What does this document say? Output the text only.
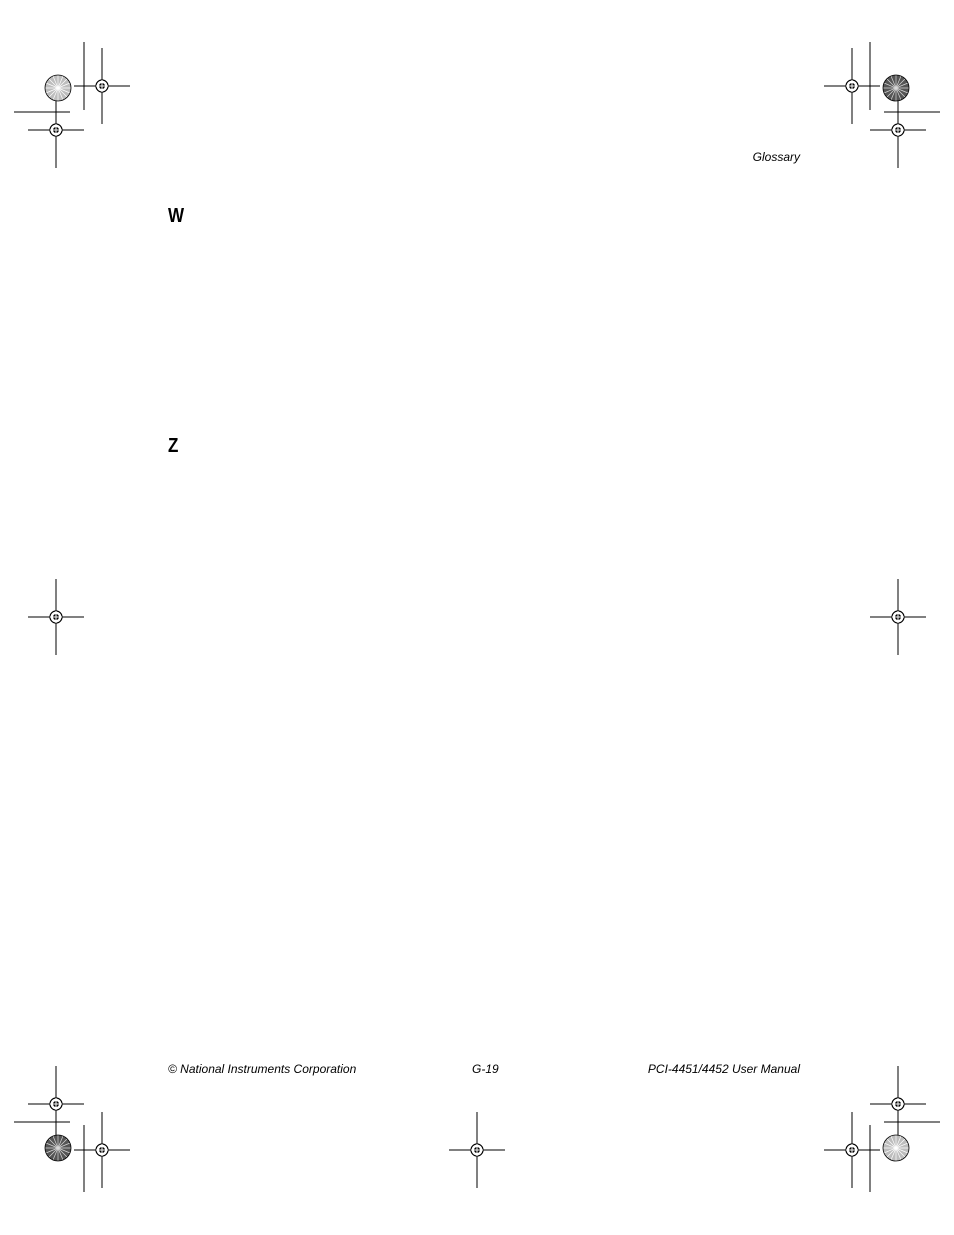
Glossary
W
Z
© National Instruments Corporation	G-19	PCI-4451/4452 User Manual
